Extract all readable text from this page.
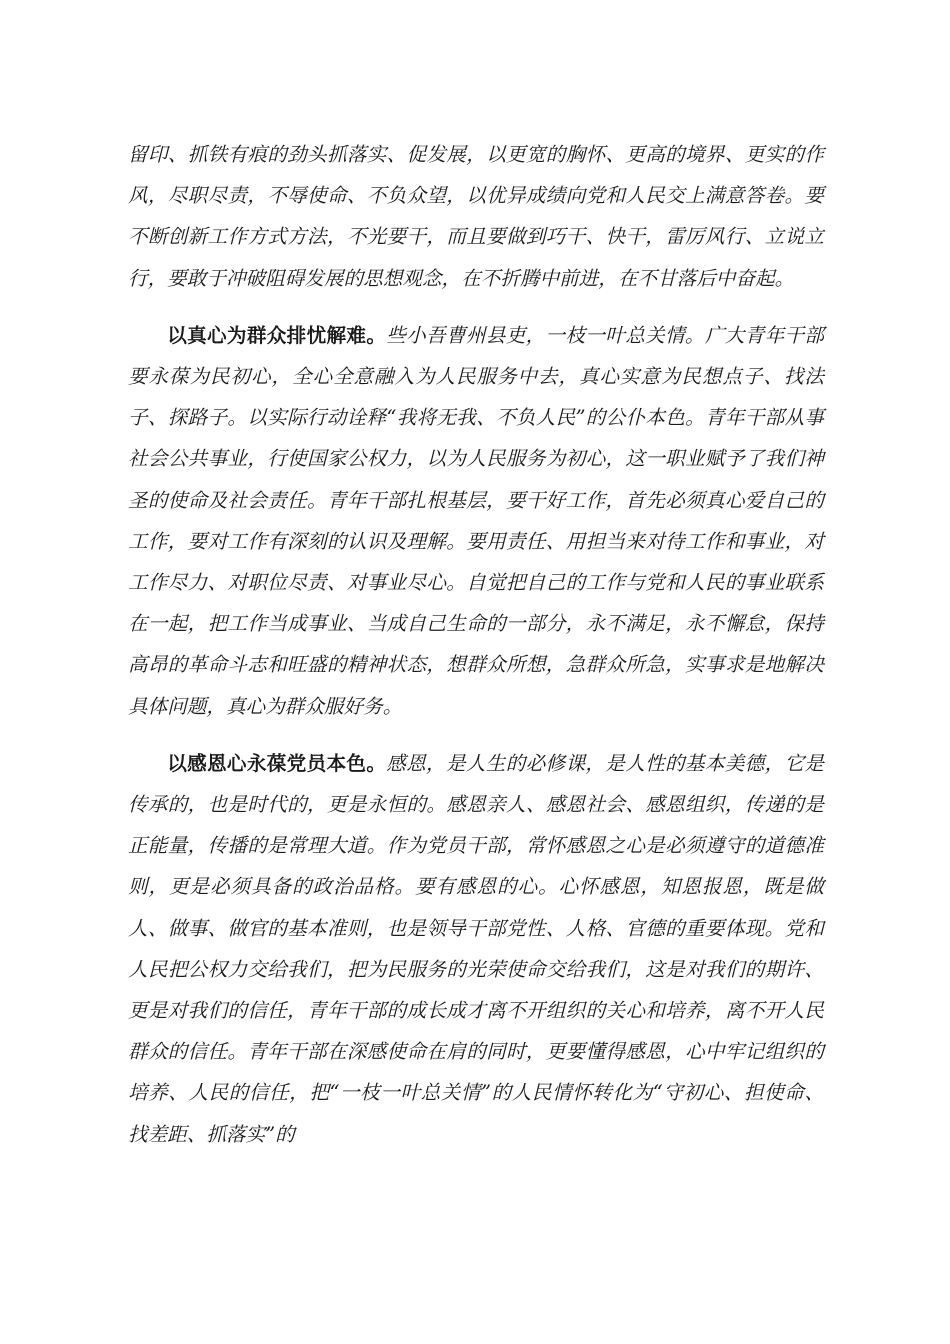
留印、抓铁有痕的劲头抓落实、促发展，以更宽的胸怀、更高的境界、更实的作风，尽职尽责，不辱使命、不负众望，以优异成绩向党和人民交上满意答卷。要不断创新工作方式方法，不光要干，而且要做到巧干、快干，雷厉风行、立说立行，要敢于冲破阻碍发展的思想观念，在不折腾中前进，在不甘落后中奋起。

以真心为群众排忧解难。些小吾曹州县吏，一枝一叶总关情。广大青年干部要永葆为民初心，全心全意融入为人民服务中去，真心实意为民想点子、找法子、探路子。以实际行动诠释“我将无我、不负人民”的公仆本色。青年干部从事社会公共事业，行使国家公权力，以为人民服务为初心，这一职业赋予了我们神圣的使命及社会责任。青年干部扎根基层，要干好工作，首先必须真心爱自己的工作，要对工作有深刻的认识及理解。要用责任、用担当来对待工作和事业，对工作尽力、对职位尽责、对事业尽心。自觉把自己的工作与党和人民的事业联系在一起，把工作当成事业、当成自己生命的一部分，永不满足，永不懈怠，保持高昂的革命斗志和旺盛的精神状态，想群众所想，急群众所急，实事求是地解决具体问题，真心为群众服好务。

以感恩心永葆党员本色。感恩，是人生的必修课，是人性的基本美德，它是传承的，也是时代的，更是永恒的。感恩亲人、感恩社会、感恩组织，传递的是正能量，传播的是常理大道。作为党员干部，常怀感恩之心是必须遵守的道德准则，更是必须具备的政治品格。要有感恩的心。心怀感恩，知恩报恩，既是做人、做事、做官的基本准则，也是领导干部党性、人格、官德的重要体现。党和人民把公权力交给我们，把为民服务的光荣使命交给我们，这是对我们的期许、更是对我们的信任，青年干部的成长成才离不开组织的关心和培养，离不开人民群众的信任。青年干部在深感使命在肩的同时，更要懂得感恩，心中牢记组织的培养、人民的信任，把“一枝一叶总关情”的人民情怀转化为“守初心、担使命、找差距、抓落实”的
